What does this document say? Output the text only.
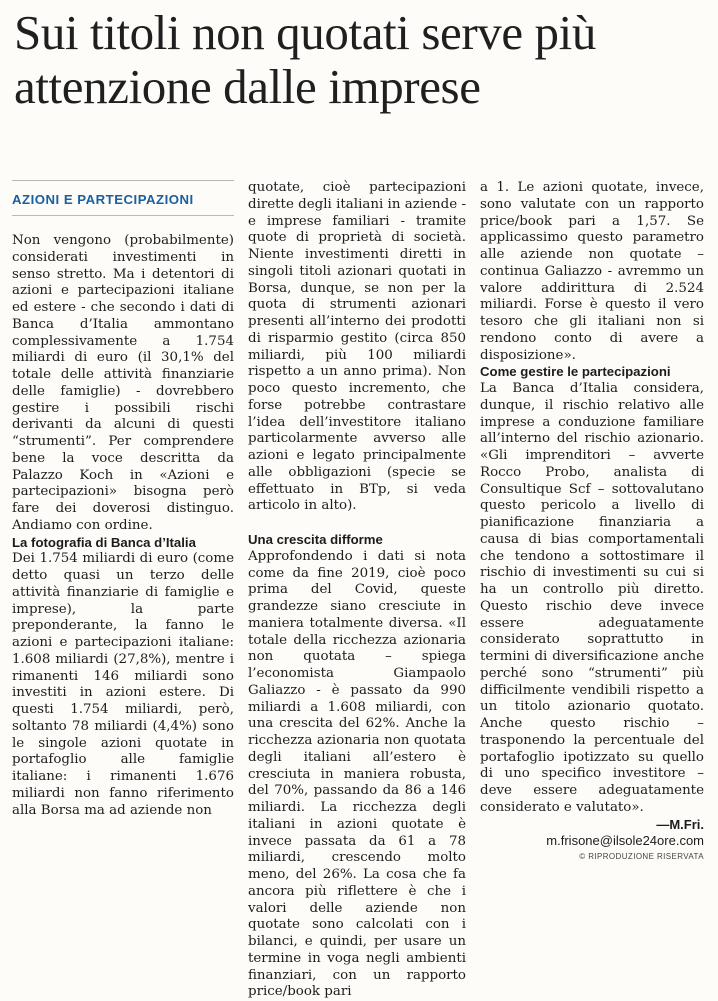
Sui titoli non quotati serve più attenzione dalle imprese
AZIONI E PARTECIPAZIONI

Non vengono (probabilmente) considerati investimenti in senso stretto. Ma i detentori di azioni e partecipazioni italiane ed estere - che secondo i dati di Banca d’Italia ammontano complessivamente a 1.754 miliardi di euro (il 30,1% del totale delle attività finanziarie delle famiglie) - dovrebbero gestire i possibili rischi derivanti da alcuni di questi “strumenti”. Per comprendere bene la voce descritta da Palazzo Koch in «Azioni e partecipazioni» bisogna però fare dei doverosi distinguo. Andiamo con ordine.

La fotografia di Banca d’Italia

Dei 1.754 miliardi di euro (come detto quasi un terzo delle attività finanziarie di famiglie e imprese), la parte preponderante, la fanno le azioni e partecipazioni italiane: 1.608 miliardi (27,8%), mentre i rimanenti 146 miliardi sono investiti in azioni estere. Di questi 1.754 miliardi, però, soltanto 78 miliardi (4,4%) sono le singole azioni quotate in portafoglio alle famiglie italiane: i rimanenti 1.676 miliardi non fanno riferimento alla Borsa ma ad aziende non

quotate, cioè partecipazioni dirette degli italiani in aziende - e imprese familiari - tramite quote di proprietà di società. Niente investimenti diretti in singoli titoli azionari quotati in Borsa, dunque, se non per la quota di strumenti azionari presenti all’interno dei prodotti di risparmio gestito (circa 850 miliardi, più 100 miliardi rispetto a un anno prima). Non poco questo incremento, che forse potrebbe contrastare l’idea dell’investitore italiano particolarmente avverso alle azioni e legato principalmente alle obbligazioni (specie se effettuato in BTp, si veda articolo in alto).

Una crescita difforme

Approfondendo i dati si nota come da fine 2019, cioè poco prima del Covid, queste grandezze siano cresciute in maniera totalmente diversa. «Il totale della ricchezza azionaria non quotata – spiega l’economista Giampaolo Galiazzo - è passato da 990 miliardi a 1.608 miliardi, con una crescita del 62%. Anche la ricchezza azionaria non quotata degli italiani all’estero è cresciuta in maniera robusta, del 70%, passando da 86 a 146 miliardi. La ricchezza degli italiani in azioni quotate è invece passata da 61 a 78 miliardi, crescendo molto meno, del 26%. La cosa che fa ancora più riflettere è che i valori delle aziende non quotate sono calcolati con i bilanci, e quindi, per usare un termine in voga negli ambienti finanziari, con un rapporto price/book pari

a 1. Le azioni quotate, invece, sono valutate con un rapporto price/book pari a 1,57. Se applicassimo questo parametro alle aziende non quotate – continua Galiazzo - avremmo un valore addirittura di 2.524 miliardi. Forse è questo il vero tesoro che gli italiani non si rendono conto di avere a disposizione».

Come gestire le partecipazioni

La Banca d’Italia considera, dunque, il rischio relativo alle imprese a conduzione familiare all’interno del rischio azionario. «Gli imprenditori – avverte Rocco Probo, analista di Consultique Scf – sottovalutano questo pericolo a livello di pianificazione finanziaria a causa di bias comportamentali che tendono a sottostimare il rischio di investimenti su cui si ha un controllo più diretto. Questo rischio deve invece essere adeguatamente considerato soprattutto in termini di diversificazione anche perché sono “strumenti” più difficilmente vendibili rispetto a un titolo azionario quotato. Anche questo rischio – trasponendo la percentuale del portafoglio ipotizzato su quello di uno specifico investitore – deve essere adeguatamente considerato e valutato».

—M.Fri.

m.frisone@ilsole24ore.com

© RIPRODUZIONE RISERVATA
